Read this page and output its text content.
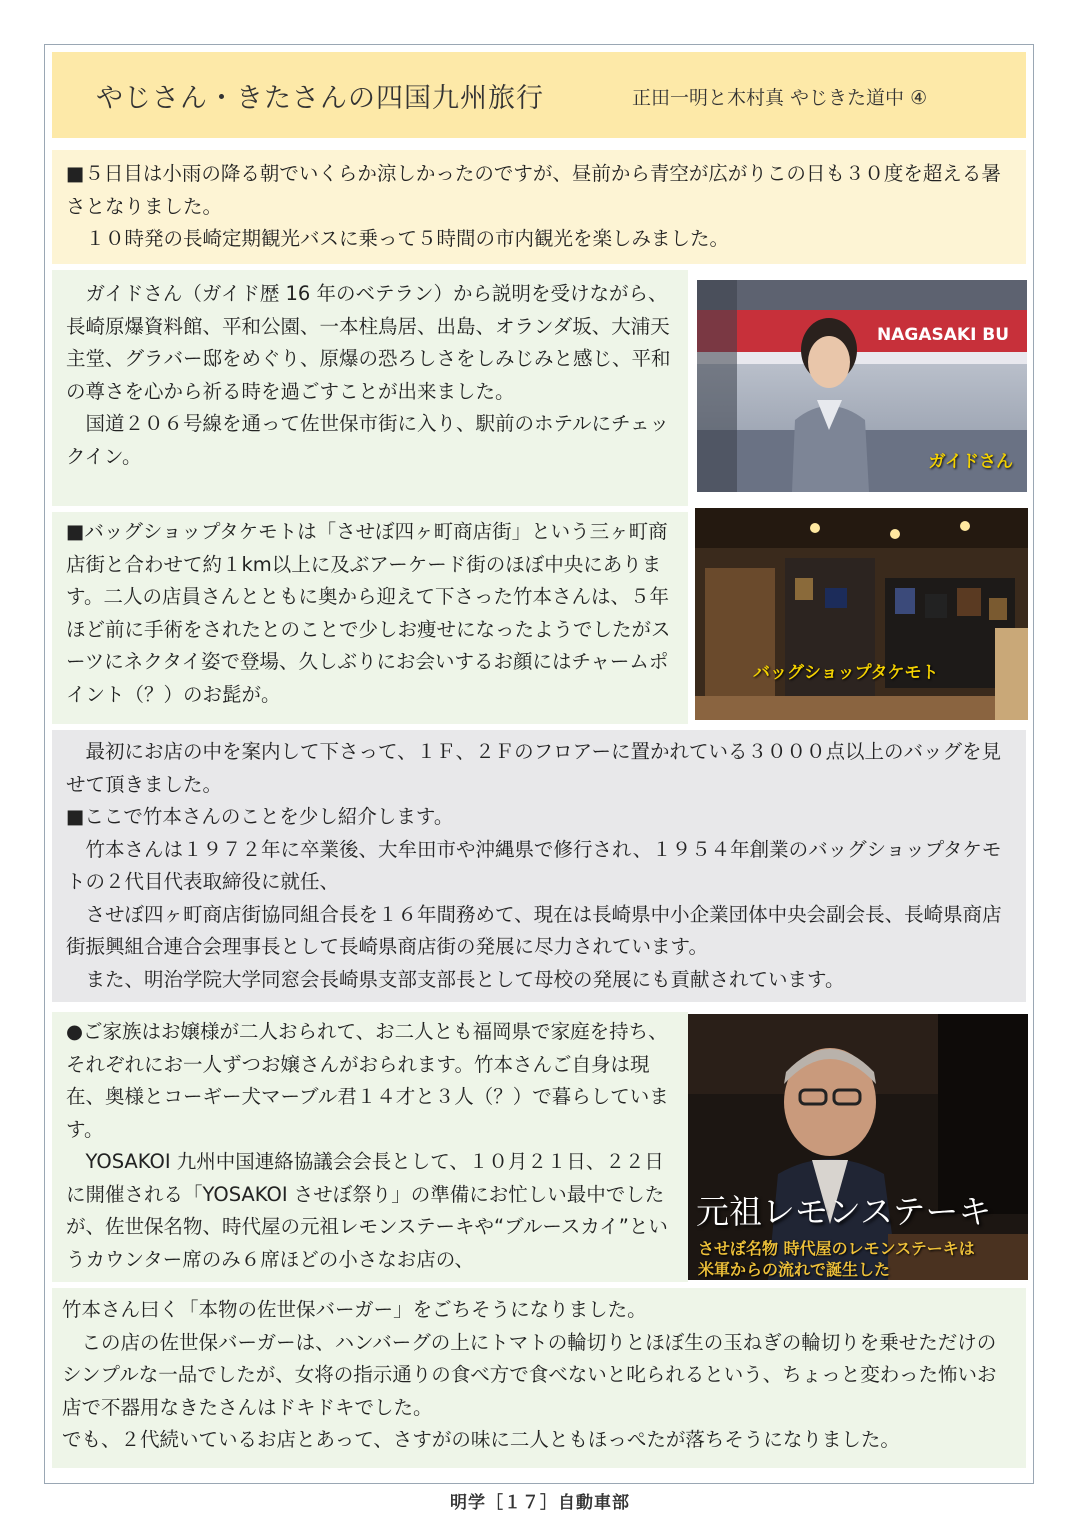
やじさん・きたさんの四国九州旅行	正田一明と木村真 やじきた道中 ④

■５日目は小雨の降る朝でいくらか涼しかったのですが、昼前から青空が広がりこの日も３０度を超える暑さとなりました。

１０時発の長崎定期観光バスに乗って５時間の市内観光を楽しみました。

ガイドさん（ガイド歴 16 年のベテラン）から説明を受けながら、長崎原爆資料館、平和公園、一本柱鳥居、出島、オランダ坂、大浦天主堂、グラバー邸をめぐり、原爆の恐ろしさをしみじみと感じ、平和の尊さを心から祈る時を過ごすことが出来ました。

国道２０６号線を通って佐世保市街に入り、駅前のホテルにチェックイン。

NAGASAKI BU
ガイドさん

■バッグショップタケモトは「させぼ四ヶ町商店街」という三ヶ町商店街と合わせて約１km以上に及ぶアーケード街のほぼ中央にあります。二人の店員さんとともに奥から迎えて下さった竹本さんは、５年ほど前に手術をされたとのことで少しお痩せになったようでしたがスーツにネクタイ姿で登場、久しぶりにお会いするお顔にはチャームポイント（？）のお髭が。

バッグショップタケモト

最初にお店の中を案内して下さって、１Ｆ、２Ｆのフロアーに置かれている３０００点以上のバッグを見せて頂きました。

■ここで竹本さんのことを少し紹介します。

竹本さんは１９７２年に卒業後、大牟田市や沖縄県で修行され、１９５４年創業のバッグショップタケモトの２代目代表取締役に就任、

させぼ四ヶ町商店街協同組合長を１６年間務めて、現在は長崎県中小企業団体中央会副会長、長崎県商店街振興組合連合会理事長として長崎県商店街の発展に尽力されています。

また、明治学院大学同窓会長崎県支部支部長として母校の発展にも貢献されています。

●ご家族はお嬢様が二人おられて、お二人とも福岡県で家庭を持ち、それぞれにお一人ずつお嬢さんがおられます。竹本さんご自身は現在、奥様とコーギー犬マーブル君１４才と３人（？）で暮らしています。

YOSAKOI 九州中国連絡協議会会長として、１０月２１日、２２日に開催される「YOSAKOI させぼ祭り」の準備にお忙しい最中でしたが、佐世保名物、時代屋の元祖レモンステーキや“ブルースカイ”というカウンター席のみ６席ほどの小さなお店の、

元祖レモンステーキ
させぼ名物 時代屋のレモンステーキは
米軍からの流れで誕生した

竹本さん曰く「本物の佐世保バーガー」をごちそうになりました。

この店の佐世保バーガーは、ハンバーグの上にトマトの輪切りとほぼ生の玉ねぎの輪切りを乗せただけのシンプルな一品でしたが、女将の指示通りの食べ方で食べないと叱られるという、ちょっと変わった怖いお店で不器用なきたさんはドキドキでした。

でも、２代続いているお店とあって、さすがの味に二人ともほっぺたが落ちそうになりました。

明学［１７］自動車部
